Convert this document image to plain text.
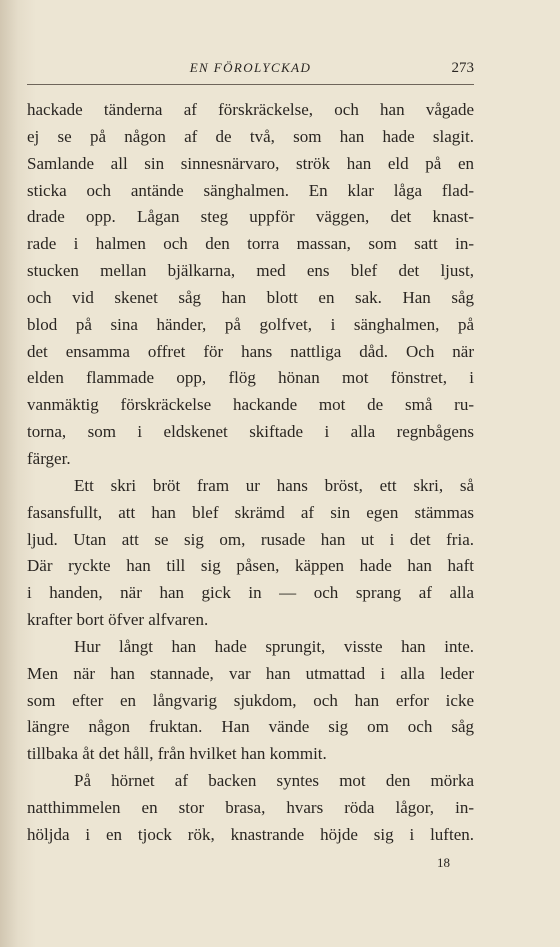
EN FÖROLYCKAD	273
hackade tänderna af förskräckelse, och han vågade
ej se på någon af de två, som han hade slagit.
Samlande all sin sinnesnärvaro, strök han eld på en
sticka och antände sänghalmen. En klar låga flad-
drade opp. Lågan steg uppför väggen, det knast-
rade i halmen och den torra massan, som satt in-
stucken mellan bjälkarna, med ens blef det ljust,
och vid skenet såg han blott en sak. Han såg
blod på sina händer, på golfvet, i sänghalmen, på
det ensamma offret för hans nattliga dåd. Och när
elden flammade opp, flög hönan mot fönstret, i
vanmäktig förskräckelse hackande mot de små ru-
torna, som i eldskenet skiftade i alla regnbågens
färger.
Ett skri bröt fram ur hans bröst, ett skri, så
fasansfullt, att han blef skrämd af sin egen stämmas
ljud. Utan att se sig om, rusade han ut i det fria.
Där ryckte han till sig påsen, käppen hade han haft
i handen, när han gick in — och sprang af alla
krafter bort öfver alfvaren.
Hur långt han hade sprungit, visste han inte.
Men när han stannade, var han utmattad i alla leder
som efter en långvarig sjukdom, och han erfor icke
längre någon fruktan. Han vände sig om och såg
tillbaka åt det håll, från hvilket han kommit.
På hörnet af backen syntes mot den mörka
natthimmelen en stor brasa, hvars röda lågor, in-
höljda i en tjock rök, knastrande höjde sig i luften.
18
